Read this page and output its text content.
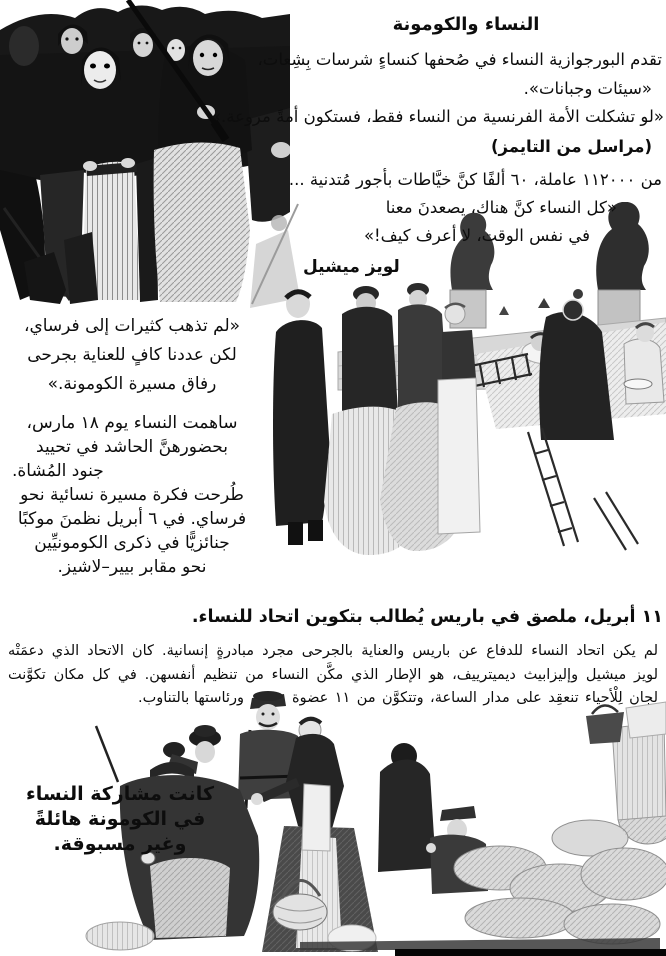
النساء والكومونة
تقدم البورجوازية النساء في صُحفها كنساءٍ شرسات بِشِعات،
«سيئات وجبانات».
«لو تشكلت الأمة الفرنسية من النساء فقط، فستكون أمةً مروعة.»
(مراسل من التايمز)
من ١١٢٠٠٠ عاملة، ٦٠ ألفًا كنَّ خيَّاطات بأجور مُتدنية ...
«كل النساء كنَّ هناك، يصعدنَ معنا
في نفس الوقت، لا أعرف كيف!»
لويز ميشيل
«لم تذهب كثيرات إلى فرساي،
لكن عددنا كافٍ للعناية بجرحى
رفاق مسيرة الكومونة.»
ساهمت النساء يوم ١٨ مارس،
بحضورهنَّ الحاشد في تحييد
جنود المُشاة.
طُرحت فكرة مسيرة نسائية نحو
فرساي. في ٦ أبريل نظمنَ موكبًا
جنائزيًّا في ذكرى الكومونيِّين
نحو مقابر بيير–لاشيز.
١١ أبريل، ملصق في باريس يُطالب بتكوين اتحاد للنساء.
لم يكن اتحاد النساء للدفاع عن باريس والعناية بالجرحى مجرد مبادرةٍ إنسانية. كان الاتحاد الذي دعمَتْه
لويز ميشيل وإليزابيث ديميترييف، هو الإطار الذي مكَّن النساء من تنظيم أنفسهن. في كل مكان تكوَّنت
لجان لِلْأحياء تنعقِد على مدار الساعة، وتتكوَّن من ١١ عضوة
ورئاستها بالتناوب.
كانت مشاركة النساء
في الكومونة هائلةً
وغير مسبوقة.
